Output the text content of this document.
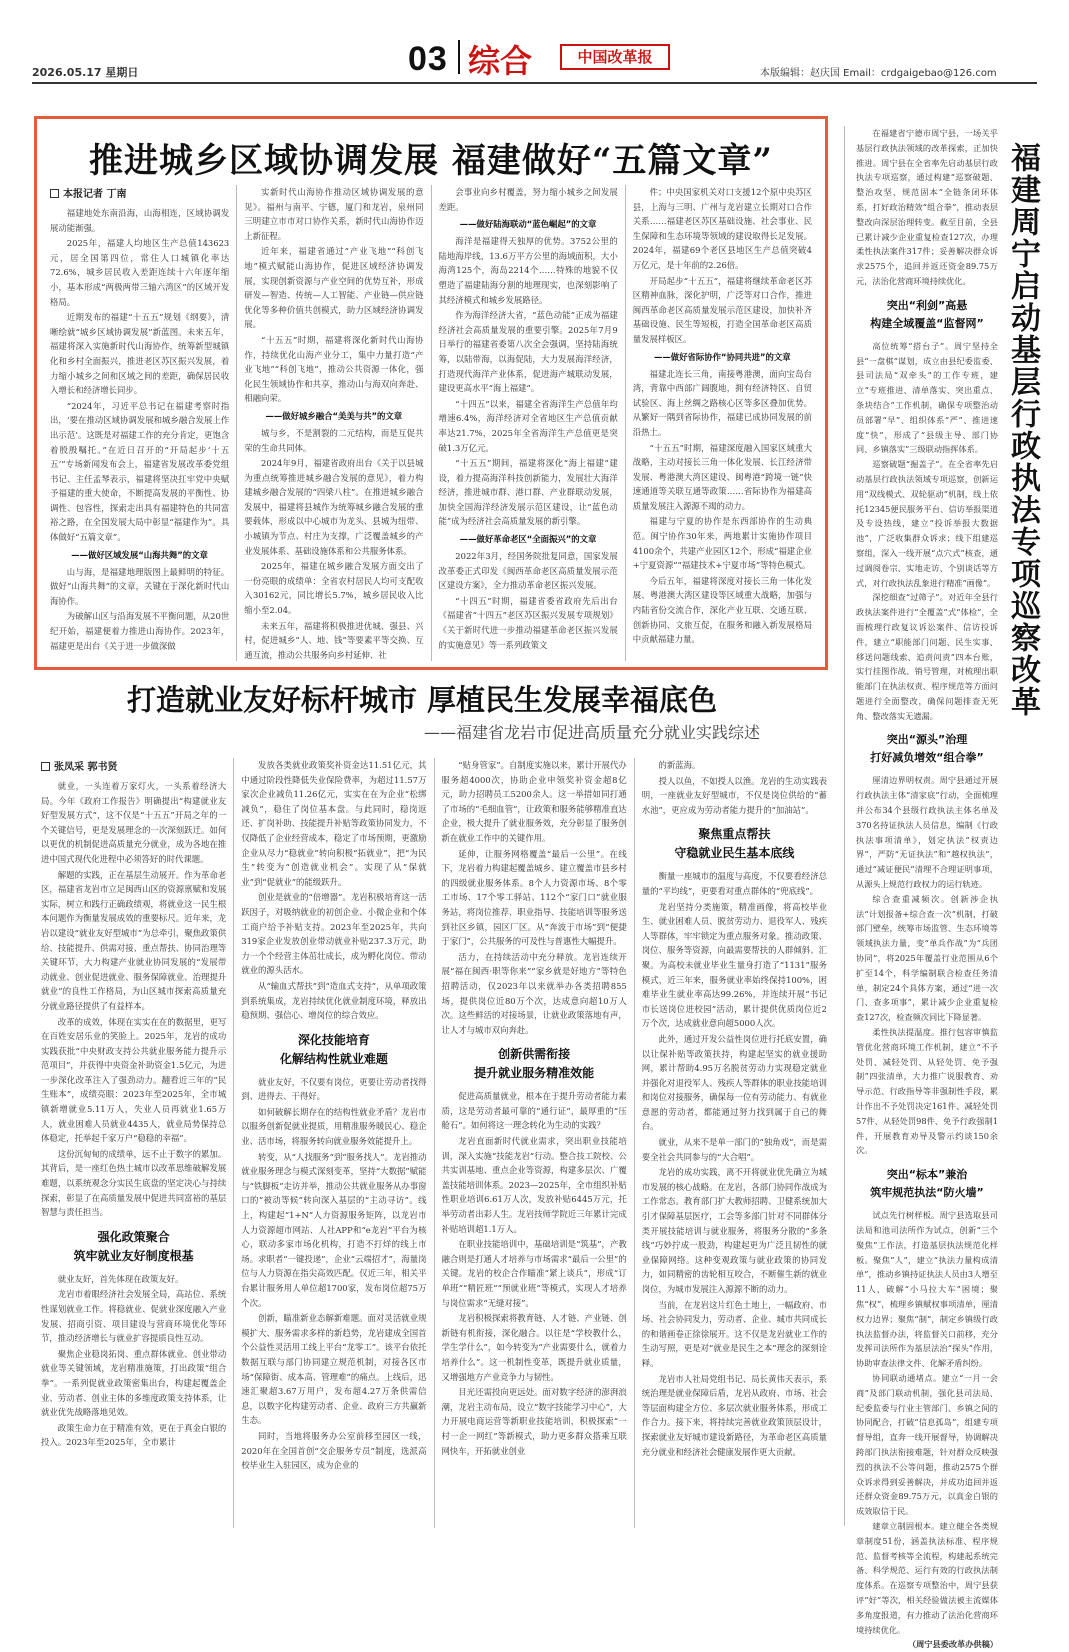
2026.05.17 星期日	03 综合	中国改革报
本版编辑：赵庆国 Email：crdgaigebao@126.com
推进城乡区域协调发展 福建做好“五篇文章”
本报记者 丁南

福建地处东南沿海，山海相连，区域协调发展动能渐强。

2025年，福建人均地区生产总值143623元，居全国第四位，常住人口城镇化率达72.6%，城乡居民收入差距连续十六年逐年缩小，基本形成“两极两带三轴六湾区”的区域开发格局。

近期发布的福建“十五五”规划《纲要》，清晰绘就“城乡区域协调发展”新蓝图。未来五年，福建将深入实施新时代山海协作，统筹新型城镇化和乡村全面振兴，推进老区苏区振兴发展，着力缩小城乡之间和区域之间的差距，确保居民收入增长和经济增长同步。

“2024年，习近平总书记在福建考察时指出，‘要在推动区域协调发展和城乡融合发展上作出示范’。这既是对福建工作的充分肯定，更饱含着殷殷嘱托。”在近日召开的“开局起步‘十五五’”专场新闻发布会上，福建省发展改革委党组书记、主任孟琴表示，福建将坚决扛牢党中央赋予福建的重大使命，不断提高发展的平衡性、协调性、包容性，探索走出具有福建特色的共同富裕之路，在全国发展大局中彰显“福建作为”。具体做好“五篇文章”。

——做好区域发展“山海共舞”的文章

山与海，是福建地理版图上最鲜明的特征。做好“山海共舞”的文章，关键在于深化新时代山海协作。

为破解山区与沿海发展不平衡问题，从20世纪开始，福建便着力推进山海协作。2023年，福建更是出台《关于进一步做深做

实新时代山海协作推动区域协调发展的意见》。福州与南平、宁德，厦门和龙岩，泉州同三明建立市市对口协作关系，新时代山海协作迈上新征程。

近年来，福建省通过“产业飞地”“科创飞地”模式赋能山海协作，促进区域经济协调发展，实现创新资源与产业空间的优势互补，形成研发—智造、传统—人工智能、产业链—供应链优化等多种价值共创模式，助力区域经济协调发展。

“十五五”时期，福建将深化新时代山海协作，持续优化山海产业分工，集中力量打造“产业飞地”“科创飞地”，推动公共资源一体化，强化民生领域协作和共享，推动山与海双向奔赴、相融向荣。

——做好城乡融合“美美与共”的文章

城与乡，不是割裂的二元结构，而是互促共荣的生命共同体。

2024年9月，福建省政府出台《关于以县城为重点统筹推进城乡融合发展的意见》，着力构建城乡融合发展的“四梁八柱”。在推进城乡融合发展中，福建将县城作为统筹城乡融合发展的重要载体，形成以中心城市为龙头、县城为纽带、小城镇为节点、村庄为支撑，广泛覆盖城乡的产业发展体系、基础设施体系和公共服务体系。

2025年，福建在城乡融合发展方面交出了一份亮眼的成绩单：全省农村居民人均可支配收入30162元，同比增长5.7%，城乡居民收入比缩小至2.04。

未来五年，福建将积极推进优城、强县、兴村，促进城乡“人、地、钱”等要素平等交换、互通互流，推动公共服务向乡村延伸、社

会事业向乡村覆盖，努力缩小城乡之间发展差距。

——做好陆海联动“蓝色崛起”的文章

海洋是福建得天独厚的优势。3752公里的陆地海岸线，13.6万平方公里的海域面积，大小海湾125个，海岛2214个……特殊的地貌不仅塑造了福建陆海分割的地理现实，也深刻影响了其经济模式和城乡发展路径。

作为海洋经济大省，“蓝色动能”正成为福建经济社会高质量发展的重要引擎。2025年7月9日举行的福建省委第八次全会强调，坚持陆海统筹，以陆带海，以海促陆，大力发展海洋经济，打造现代海洋产业体系，促进海产城联动发展，建设更高水平“海上福建”。

“十四五”以来，福建全省海洋生产总值年均增速6.4%，海洋经济对全省地区生产总值贡献率达21.7%，2025年全省海洋生产总值更是突破1.3万亿元。

“十五五”期间，福建将深化“海上福建”建设，着力提高海洋科技创新能力，发展壮大海洋经济，推进城市群、港口群、产业群联动发展，加快全国海洋经济发展示范区建设，让“蓝色动能”成为经济社会高质量发展的新引擎。

——做好革命老区“全面振兴”的文章

2022年3月，经国务院批复同意，国家发展改革委正式印发《闽西革命老区高质量发展示范区建设方案》，全力推动革命老区振兴发展。

“十四五”时期，福建省委省政府先后出台《福建省“十四五”老区苏区振兴发展专项规划》《关于新时代进一步推动福建革命老区振兴发展的实施意见》等一系列政策文

件；中央国家机关对口支援12个原中央苏区县，上海与三明、广州与龙岩建立长期对口合作关系……福建老区苏区基础设施、社会事业、民生保障和生态环境等领域的建设取得长足发展。2024年，福建69个老区县地区生产总值突破4万亿元，是十年前的2.26倍。

开局起步“十五五”，福建将继续革命老区苏区精神血脉，深化护明，广泛等对口合作，推进闽西革命老区高质量发展示范区建设，加快补齐基础设施、民生等短板，打造全国革命老区高质量发展样板区。

——做好省际协作“协同共进”的文章

福建北连长三角，南接粤港澳，面向宝岛台湾，背靠中西部广阔腹地，拥有经济特区、自贸试验区、海上丝绸之路核心区等多区叠加优势。从繁好一隅到省际协作，福建已成协同发展的前沿热土。

“十五五”时期，福建深度融入国家区域重大战略，主动对接长三角一体化发展、长江经济带发展、粤港澳大湾区建设、闽粤港“跨境一链”快速通道等关联互通等政策……省际协作为福建高质量发展注入源源不竭的动力。

福建与宁夏的协作是东西部协作的生动典范。闽宁协作30年来，两地累计实施协作项目4100余个，共建产业园区12个，形成“福建企业+宁夏资源”“福建技术+宁夏市场”等特色模式。

今后五年，福建将深度对接长三角一体化发展、粤港澳大湾区建设等区域重大战略，加强与内陆省份交流合作，深化产业互联、交通互联、创新协同、文旅互促，在服务和融入新发展格局中贡献福建力量。

打造就业友好标杆城市 厚植民生发展幸福底色
——福建省龙岩市促进高质量充分就业实践综述
张凤采 郭书贤

就业，一头连着万家灯火，一头系着经济大局。今年《政府工作报告》明确提出“构建就业友好型发展方式”，这不仅是“十五五”开局之年的一个关键信号，更是发展理念的一次深刻跃迁。如何以更优的机制促进高质量充分就业，成为各地在推进中国式现代化进程中必须答好的时代课题。

解题的实践，正在基层生动展开。作为革命老区，福建省龙岩市立足闽西山区的资源禀赋和发展实际，树立和践行正确政绩观，将就业这一民生根本问题作为衡量发展成效的重要标尺。近年来，龙岩以建设“就业友好型城市”为总牵引，聚焦政策供给、技能提升、供需对接、重点帮扶、协同治理等关键环节，大力构建产业就业协同发展的“发展带动就业、创业促进就业、服务保障就业、治理提升就业”的良性工作格局，为山区城市探索高质量充分就业路径提供了有益样本。

改革的成效，体现在实实在在的数据里，更写在百姓安居乐业的笑脸上。2025年，龙岩的成功实践获批“中央财政支持公共就业服务能力提升示范项目”，并获得中央资金补助资金1.5亿元，为进一步深化改革注入了强劲动力。翻看近三年的“民生账本”，成绩亮眼：2023年至2025年，全市城镇新增就业5.11万人，失业人员再就业1.65万人，就业困难人员就业4435人，就业局势保持总体稳定，托举起千家万户“稳稳的幸福”。

这份沉甸甸的成绩单，远不止于数字的累加。其背后，是一座红色热土城市以改革思维破解发展难题，以系统观念分实民生底盘的坚定决心与持续探索，彰显了在高质量发展中促进共同富裕的基层智慧与责任担当。

强化政策聚合
筑牢就业友好制度根基

就业友好，首先体现在政策友好。

龙岩市着眼经济社会发展全局，高站位、系统性谋划就业工作。将稳就业、促就业深度融入产业发展、招商引资、项目建设与营商环境优化等环节，推动经济增长与就业扩容提质良性互动。

聚焦企业稳岗拓岗、重点群体就业、创业带动就业等关键领域，龙岩精准施策，打出政策“组合拳”。一系列促就业政策密集出台，构建起覆盖企业、劳动者、创业主体的多维度政策支持体系，让就业优先战略落地见效。

政策生命力在于精准有效，更在于真金白银的投入。2023年至2025年，全市累计

发放各类就业政策奖补资金达11.51亿元，其中通过阶段性降低失业保险费率，为超过11.57万家次企业减负11.26亿元，实实在在为企业“松绑减负”，稳住了岗位基本盘。与此同时，稳岗返还、扩岗补助、技能提升补贴等政策协同发力，不仅降低了企业经营成本，稳定了市场预期，更激励企业从尽力“稳就业”转向积极“拓就业”，把“为民生”转变为“创造就业机会”。实现了从“保就业”到“促就业”的能级跃升。

创业是就业的“倍增器”。龙岩积极培育这一活跃因子，对吸纳就业的初创企业、小微企业和个体工商户给予补贴支持。2023年至2025年，共向319家企业发放创业带动就业补贴237.3万元，助力一个个经营主体茁壮成长，成为孵化岗位、带动就业的源头活水。

从“输血式帮扶”到“造血式支持”，从单项政策到系统集成，龙岩持续优化就业制度环境，释放出稳预期、强信心、增岗位的综合效应。

深化技能培育
化解结构性就业难题

就业友好，不仅要有岗位，更要让劳动者找得到、进得去、干得好。

如何破解长期存在的结构性就业矛盾？龙岩市以服务创新促就业提质，用精准服务暖民心、稳企业、活市场，将服务转向就业服务效能提升上。

转变，从“人找服务”到“服务找人”。龙岩推动就业服务理念与模式深刻变革，坚持“大数据”赋能与“铁脚板”走访并举，推动公共就业服务从办事窗口的“被动等候”转向深入基层的“主动寻访”。线上，构建起“1+N”人力资源服务矩阵，以龙岩市人力资源超市网站、人社APP和“e龙岩”平台为核心，联动多家市场化机构，打造不打烊的线上市场。求职者“一键投递”，企业“云端招才”，海量岗位与人力资源在指尖高效匹配。仅近三年，相关平台累计服务用人单位超1700家，发布岗位超75万个次。

创新，瞄准新业态解新难题。面对灵活就业规模扩大、服务需求多样的新趋势，龙岩建成全国首个公益性灵活用工线上平台“龙零工”。该平台依托数据互联与部门协同建立规范机制，对接各区市场“保障街、成本高、管理难”的痛点。上线后，迅速汇聚超3.67万用户，发布超4.27万条供需信息，以数字化构建劳动者、企业、政府三方共赢新生态。

同时，当地将服务办公室前移至园区一线，2020年在全国首创“交企服务专员”制度，选派高校毕业生入驻园区，成为企业的

“贴身管家”。自制度实施以来，累计开展代办服务超4000次，协助企业申领奖补资金超8亿元，助力招聘员工5200余人。这一举措如同打通了市场的“毛细血管”，让政策和服务能够精准直达企业，极大提升了就业服务效，充分彰显了服务创新在就业工作中的关键作用。

延伸，让服务网格覆盖“最后一公里”。在线下，龙岩着力构建起覆盖城乡、建立覆盖市县乡村的四级就业服务体系。8个人力资源市场、8个零工市场、17个零工驿站、112个“家门口”就业服务站，将岗位推荐、职业指导、技能培训等服务送到社区乡镇，园区厂区。从“奔波于市场”到“便捷于家门”，公共服务的可及性与普惠性大幅提升。

活力，在持续活动中充分释放。龙岩连续开展“福在闽西·职等你来”“家乡就是好地方”等特色招聘活动，仅2023年以来就举办各类招聘855场，提供岗位近80万个次，达成意向超10万人次。这些鲜活的对接场景，让就业政策落地有声，让人才与城市双向奔赴。

创新供需衔接
提升就业服务精准效能

促进高质量就业，根本在于提升劳动者能力素质，这是劳动者最可靠的“通行证”，最厚重的“压舱石”。如何将这一理念转化为生动的实践？

龙岩直面新时代就业需求，突出职业技能培训，深入实施“技能龙岩”行动。整合技工院校、公共实训基地、重点企业等资源，构建多层次、广覆盖技能培训体系。2023—2025年，全市组织补贴性职业培训6.61万人次，发放补贴6445万元，托举劳动者出彩人生。龙岩技师学院近三年累计完成补贴培训超1.1万人。

在职业技能培训中，基础培训是“筑基”，产教融合则是打通人才培养与市场需求“最后一公里”的关键。龙岩的校企合作瞄准“紧上谈兵”，形成“订单班”“精匠班”“预就业班”等模式，实现人才培养与岗位需求“无缝对接”。

龙岩积极探索将教育链、人才链、产业链、创新链有机衔接，深化融合。以往是“学校教什么，学生学什么”，如今转变为“产业需要什么，就着力培养什么”。这一机制性变革，既提升就业质量，又增强地方产业竞争力与韧性。

目光还需投向更远处。面对数字经济的澎湃浪潮，龙岩主动布局，设立“数字技能学习中心”，大力开展电商运营等新职业技能培训，积极探索“一村一企一网红”等新模式，助力更多群众搭乘互联网快车，开拓就业创业

的新蓝海。

授人以鱼，不如授人以渔。龙岩的生动实践表明，一座就业友好型城市，不仅是岗位供给的“蓄水池”，更应成为劳动者能力提升的“加油站”。

聚焦重点帮扶
守稳就业民生基本底线

衡量一座城市的温度与高度，不仅要看经济总量的“平均线”，更要看对重点群体的“兜底线”。

龙岩坚持分类施策，精准画像，将高校毕业生、就业困难人员、脱贫劳动力、退役军人、残疾人等群体，牢牢锁定为重点服务对象。推动政策、岗位、服务等资源，向最需要帮扶的人群倾斜、汇聚。为高校未就业毕业生量身打造了“1131”服务模式，近三年来，服务就业率始终保持100%，困难毕业生就业率高达99.26%，并连续开展“书记市长送岗位进校园”活动，累计提供优质岗位近2万个次，达成就业意向超5000人次。

此外，通过开发公益性岗位进行托底安置，确以让保补贴等政策扶持，构建起坚实的就业援助网，累计帮助4.95万名脱贫劳动力实现稳定就业并强化对退役军人、残疾人等群体的职业技能培训和岗位对接服务，确保每一位有劳动能力、有就业意愿的劳动者，都能通过努力找到属于自己的舞台。

就业，从来不是单一部门的“独角戏”，而是需要全社会共同参与的“大合唱”。

龙岩的成功实践，离不开将就业优先确立为城市发展的核心战略。在龙岩，各部门协同作战成为工作常态。教育部门扩大教师招聘、卫健系统加大引才保障基层医疗，工会等多部门针对不同群体分类开展技能培训与就业服务，将服务分散的“多条线”巧妙拧成一股劲，构建起更为广泛且韧性的就业保障网络。这种变观政策与就业政策的协同发力，如同精密的齿轮相互咬合，不断催生新的就业岗位，为城市发展注入源源不断的动力。

当前，在龙岩这片红色土地上，一幅政府、市场、社会协同发力，劳动者、企业、城市共同成长的和谐画卷正徐徐展开。这不仅是龙岩就业工作的生动写照，更是对“就业是民生之本”理念的深刻诠释。

龙岩市人社局党组书记、局长黄伟天表示，系统治理是就业保障后盾，龙岩从政府、市场、社会等层面构建全方位、多层次就业服务体系，形成工作合力。接下来，将持续完善就业政策顶层设计，探索就业友好城市建设新路径，为革命老区高质量充分就业和经济社会健康发展作更大贡献。

在福建省宁德市周宁县，一场关乎基层行政执法领域的改革探索，正加快推进。周宁县在全省率先启动基层行政执法专项巡察，通过构建“巡察破题、整治攻坚、规范固本”全链条闭环体系，打好政治精效“组合拳”，推动表层整改向深层治理转变。截至目前，全县已累计减少企业重复检查127次，办理柔性执法案件317件；妥善解决群众诉求2575个，追回并返还资金89.75万元，法治化营商环境持续优化。

突出“利剑”高悬
构建全域覆盖“监督网”

高位统筹“搭台子”。周宁坚持全县“一盘棋”谋划，成立由县纪委监委、县司法局“双牵头”的工作专班，建立“专班推进、清单落实、突出重点、条块结合”工作机制，确保专项整治动员部署“早”、组织体系“严”、推进速度“快”，形成了“县级主导、部门协同、乡镇落实”三级联动指挥体系。

巡察破题“掘盖子”。在全省率先启动基层行政执法领域专项巡察，创新运用“双线模式、双轮驱动”机制，线上依托12345便民服务平台、信访举报渠道及专设热线，建立“投诉举报大数据池”，广泛收集群众诉求；线下组建巡察组，深入一线开展“点穴式”核查，通过调阅卷宗、实地走访、个别谈话等方式，对行政执法乱象进行精准“画像”。

深挖细查“过筛子”。对近年全县行政执法案件进行“全覆盖”式“体检”，全面梳理行政复议诉讼案件、信访投诉件，建立“职能部门问题、民生实事、移送问题线索、追责问责”四本台账，实行挂图作战、销号管理，对梳理出职能部门在执法权责、程序规范等方面问题进行全面整改，确保问题排查无死角、整改落实无遗漏。

突出“源头”治理
打好减负增效“组合拳”

厘清边界明权责。周宁县通过开展行政执法主体“清家底”行动，全面梳理并公布34个县级行政执法主体名单及370名持证执法人员信息，编制《行政执法事项清单》，划定执法“权责边界”，严防“无证执法”和“越权执法”，通过“减证便民”清理不合理证明事项，从源头上规范行政权力的运行轨迹。

综合查重减频次。创新涉企执法“计划报备+综合查一次”机制，打破部门壁垒，统筹市场监管、生态环境等领域执法力量，变“单兵作战”为“兵团协同”，将2025年覆盖行业范围从6个扩至14个，科学编制联合检查任务清单，制定24个具体方案，通过“进一次门、查多项事”，累计减少企业重复检查127次，检查频次同比下降显著。

柔性执法提温度。推行包容审慎监管优化营商环境工作机制，建立“不予处罚、减轻处罚、从轻处罚、免予强制”四张清单，大力推广说服教育、劝导示范、行政指导等非强制性手段，累计作出不予处罚决定161件、减轻处罚57件、从轻处罚98件、免予行政强制1件，开展教育劝导及警示约谈150余次。

突出“标本”兼治
筑牢规范执法“防火墙”

试点先行树样板。周宁县选取县司法局和池司法所作为试点，创新“三个聚焦”工作法，打造基层执法规范化样板。聚焦“人”，建立“执法力量构成清单”，推动乡镇持证执法人员由3人增至11人，破解“小马拉大车”困境；聚焦“权”，梳理乡镇赋权事项清单，厘清权力边界；聚焦“制”，制定乡镇级行政执法监督办法，将监督关口前移，充分发挥司法所作为基层法治“探头”作用，协助审查法律文件、化解矛盾纠纷。

协同联动通堵点。建立“一月一会商”及部门联动机制，强化县司法局、纪委监委与行业主管部门、乡镇之间的协同配合，打破“信息孤岛”，组建专项督导组，直奔一线开展督导，协调解决跨部门执法衔接难题，针对群众反映强烈的执法不公等问题，推动2575个群众诉求得到妥善解决，并成功追回并返还群众资金89.75万元，以真金白银的成效取信于民。

建章立制固根本。建立健全各类规章制度51份，涵盖执法标准、程序规范、监督考核等全流程，构建起系统完备、科学规范、运行有效的行政执法制度体系。在巡察专项整治中，周宁县获评“好”等次，相关经验做法被主流媒体多角度报道，有力推动了法治化营商环境持续优化。

（周宁县委改革办供稿）

福建周宁启动基层行政执法专项巡察改革
